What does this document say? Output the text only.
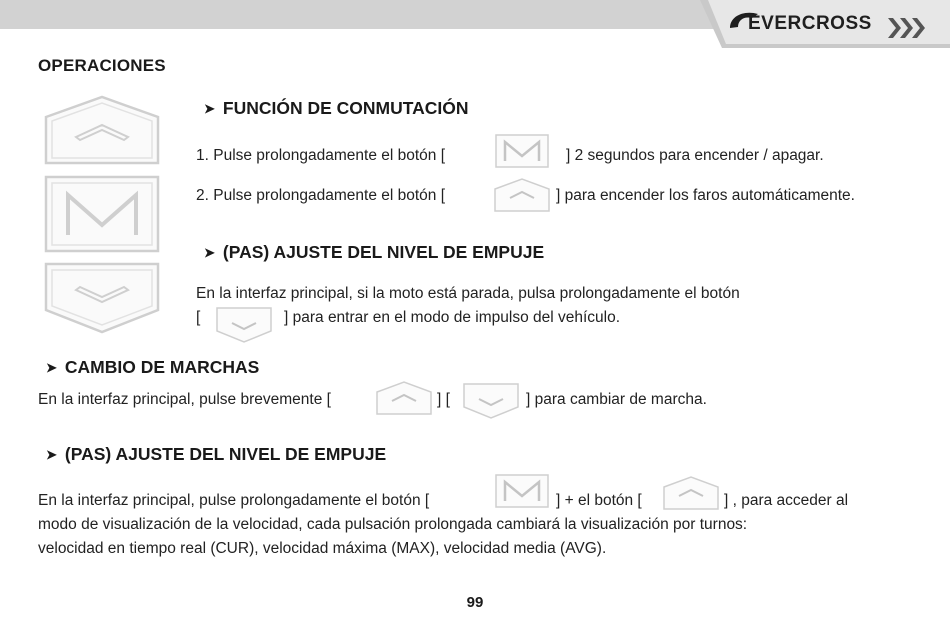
EVERCROSS
OPERACIONES
➤ FUNCIÓN DE CONMUTACIÓN
1. Pulse prolongadamente el botón [	] 2 segundos para encender / apagar.
2. Pulse prolongadamente el botón [	] para encender los faros automáticamente.
➤ (PAS) AJUSTE DEL NIVEL DE EMPUJE
En la interfaz principal, si la moto está parada, pulsa prolongadamente el botón
[	] para entrar en el modo de impulso del vehículo.
➤ CAMBIO DE MARCHAS
En la interfaz principal, pulse brevemente [	] [	] para cambiar de marcha.
➤ (PAS) AJUSTE DEL NIVEL DE EMPUJE
En la interfaz principal, pulse prolongadamente el botón [	] + el botón [	] , para acceder al
modo de visualización de la velocidad, cada pulsación prolongada cambiará la visualización por turnos:
velocidad en tiempo real (CUR), velocidad máxima (MAX), velocidad media (AVG).
99
